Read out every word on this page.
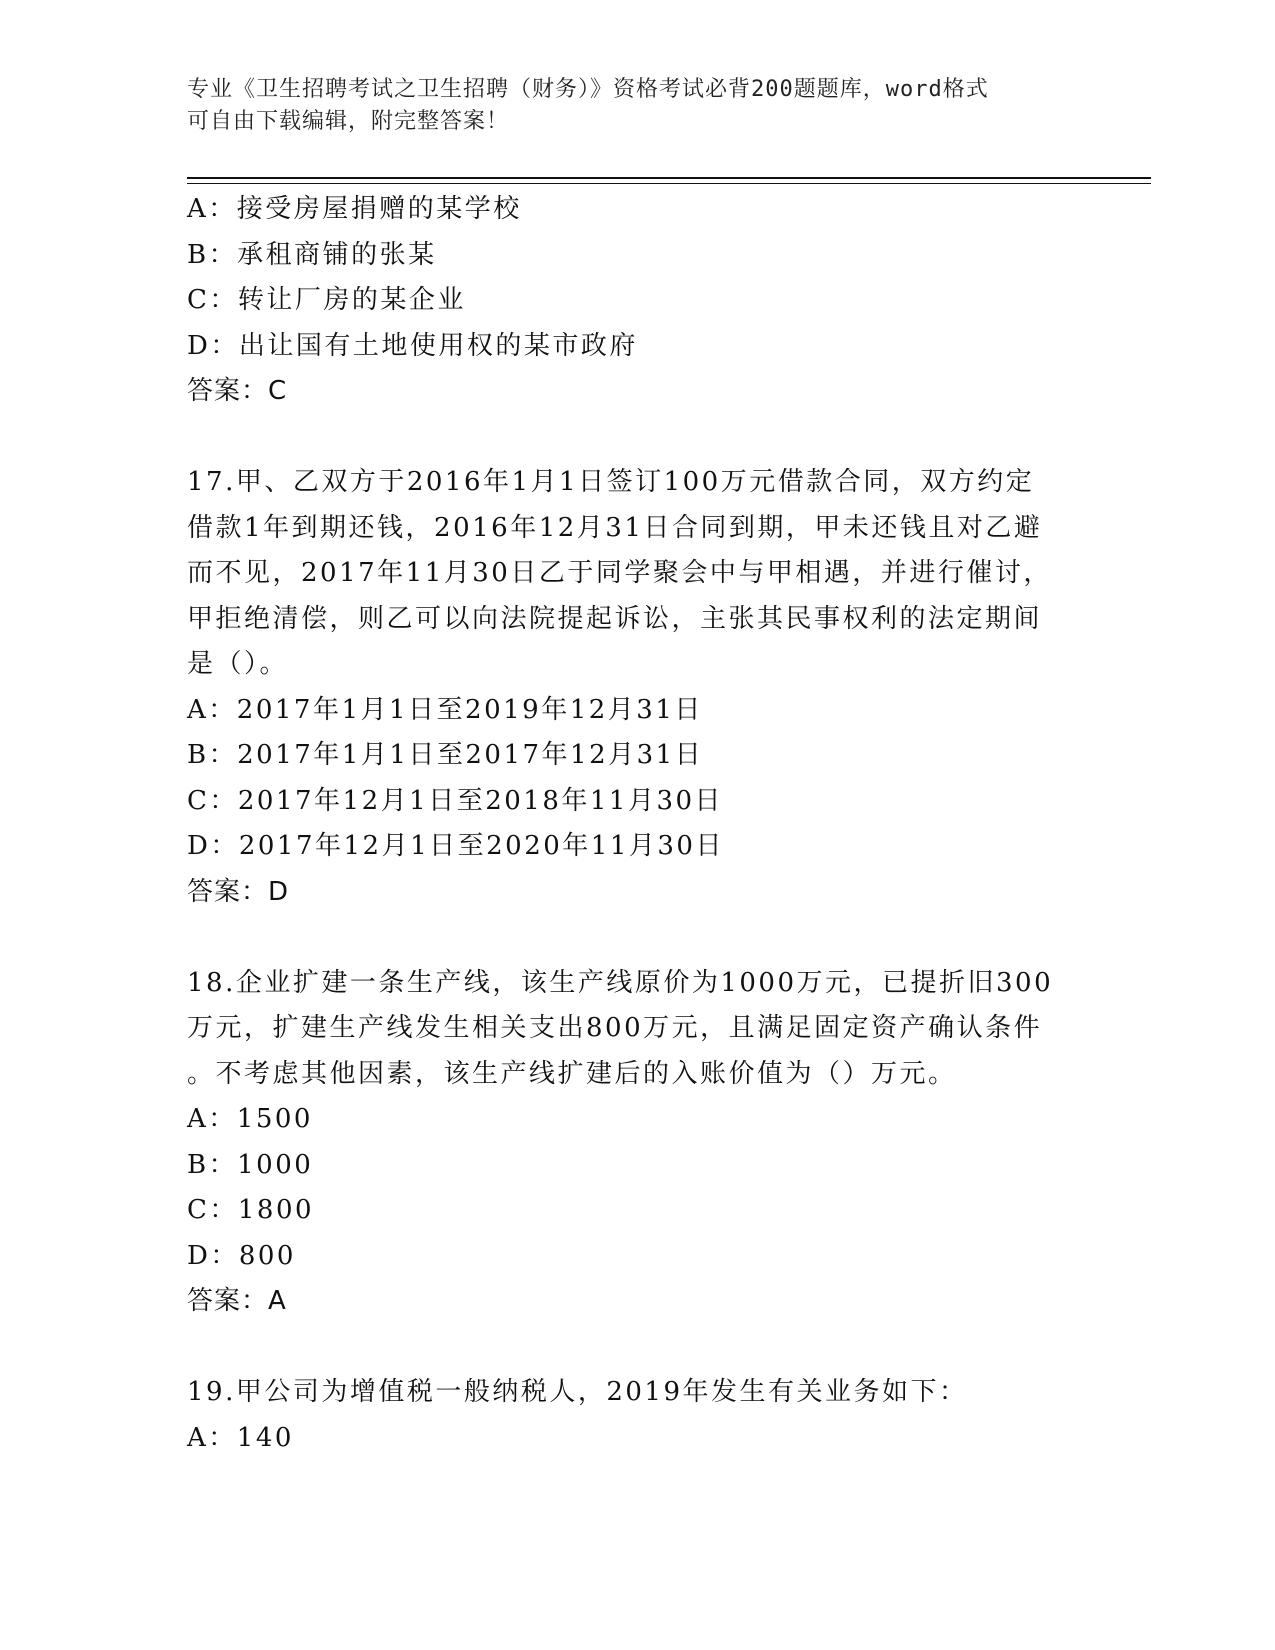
专业《卫生招聘考试之卫生招聘（财务）》资格考试必背200题题库，word格式

可自由下载编辑，附完整答案！

A：接受房屋捐赠的某学校

B：承租商铺的张某

C：转让厂房的某企业

D：出让国有土地使用权的某市政府

答案：C

17.甲、乙双方于2016年1月1日签订100万元借款合同，双方约定

借款1年到期还钱，2016年12月31日合同到期，甲未还钱且对乙避

而不见，2017年11月30日乙于同学聚会中与甲相遇，并进行催讨，

甲拒绝清偿，则乙可以向法院提起诉讼，主张其民事权利的法定期间

是（）。

A：2017年1月1日至2019年12月31日

B：2017年1月1日至2017年12月31日

C：2017年12月1日至2018年11月30日

D：2017年12月1日至2020年11月30日

答案：D

18.企业扩建一条生产线，该生产线原价为1000万元，已提折旧300

万元，扩建生产线发生相关支出800万元，且满足固定资产确认条件

。不考虑其他因素，该生产线扩建后的入账价值为（）万元。

A：1500

B：1000

C：1800

D：800

答案：A

19.甲公司为增值税一般纳税人，2019年发生有关业务如下：

A：140
